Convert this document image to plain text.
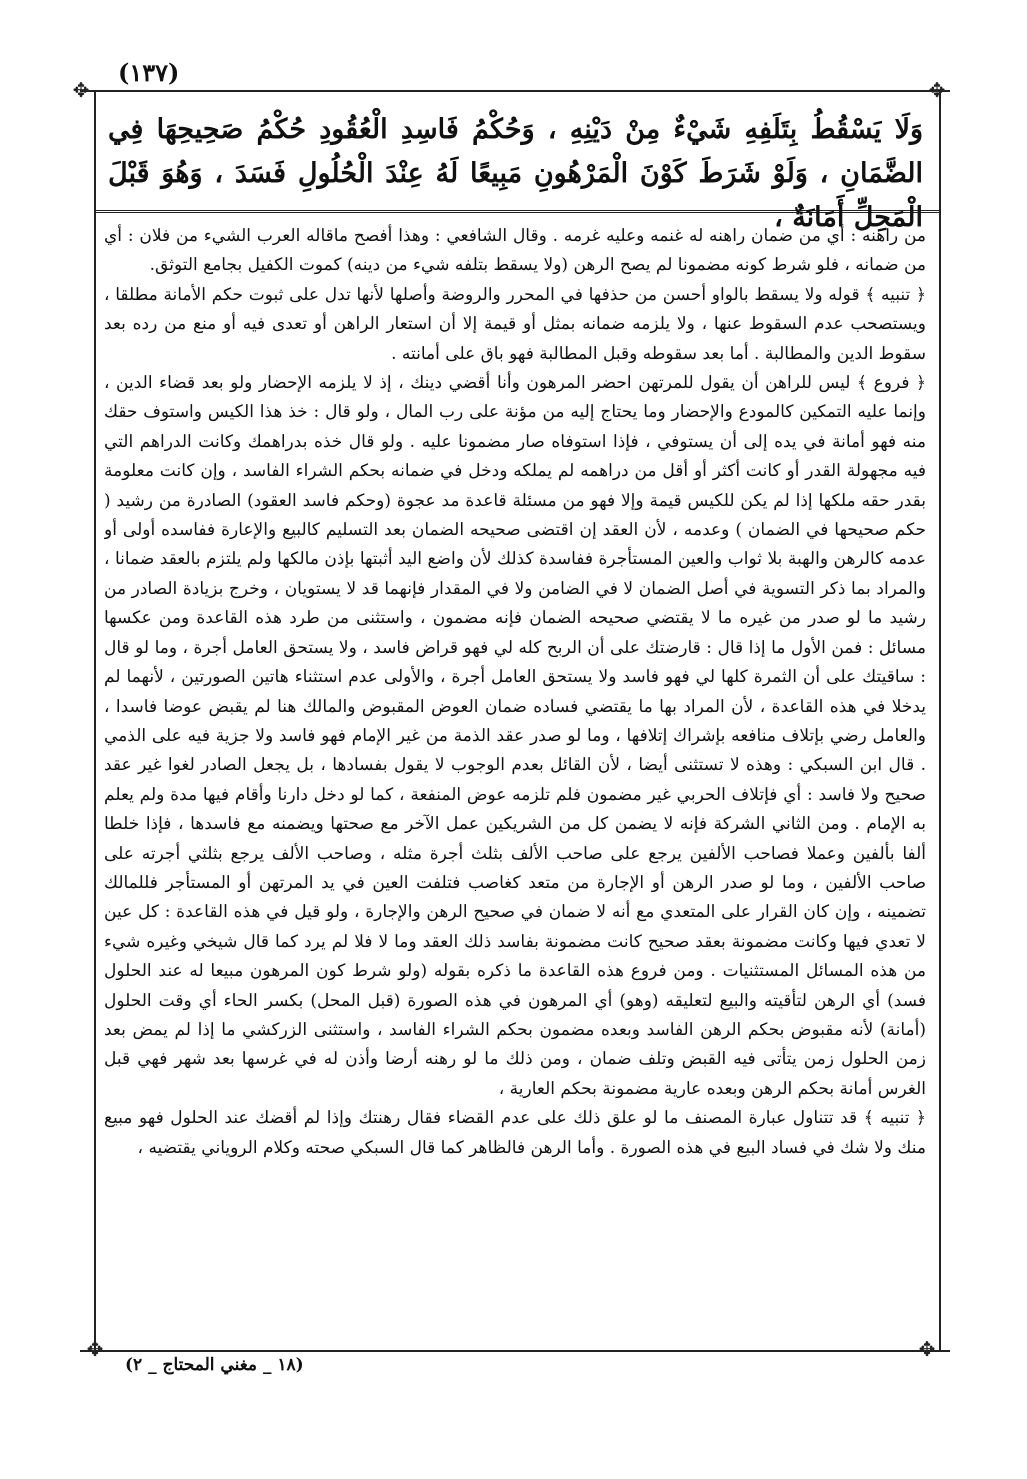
(١٣٧)
✥	✥
✥	✥

وَلَا يَسْقُطُ بِتَلَفِهِ شَيْءٌ مِنْ دَيْنِهِ ، وَحُكْمُ فَاسِدِ الْعُقُودِ حُكْمُ صَحِيحِهَا فِي الضَّمَانِ ، وَلَوْ شَرَطَ كَوْنَ الْمَرْهُونِ مَبِيعًا لَهُ عِنْدَ الْحُلُولِ فَسَدَ ، وَهُوَ قَبْلَ الْمَحِلِّ أَمَانَةٌ ،

من راهنه : أي من ضمان راهنه له غنمه وعليه غرمه . وقال الشافعي : وهذا أفصح ماقاله العرب الشيء من فلان : أي من ضمانه ، فلو شرط كونه مضمونا لم يصح الرهن (ولا يسقط بتلفه شيء من دينه) كموت الكفيل بجامع التوثق.

﴿ تنبيه ﴾ قوله ولا يسقط بالواو أحسن من حذفها في المحرر والروضة وأصلها لأنها تدل على ثبوت حكم الأمانة مطلقا ، ويستصحب عدم السقوط عنها ، ولا يلزمه ضمانه بمثل أو قيمة إلا أن استعار الراهن أو تعدى فيه أو منع من رده بعد سقوط الدين والمطالبة . أما بعد سقوطه وقبل المطالبة فهو باق على أمانته .

﴿ فروع ﴾ ليس للراهن أن يقول للمرتهن احضر المرهون وأنا أقضي دينك ، إذ لا يلزمه الإحضار ولو بعد قضاء الدين ، وإنما عليه التمكين كالمودع والإحضار وما يحتاج إليه من مؤنة على رب المال ، ولو قال : خذ هذا الكيس واستوف حقك منه فهو أمانة في يده إلى أن يستوفي ، فإذا استوفاه صار مضمونا عليه . ولو قال خذه بدراهمك وكانت الدراهم التي فيه مجهولة القدر أو كانت أكثر أو أقل من دراهمه لم يملكه ودخل في ضمانه بحكم الشراء الفاسد ، وإن كانت معلومة بقدر حقه ملكها إذا لم يكن للكيس قيمة وإلا فهو من مسئلة قاعدة مد عجوة (وحكم فاسد العقود) الصادرة من رشيد ( حكم صحيحها في الضمان ) وعدمه ، لأن العقد إن اقتضى صحيحه الضمان بعد التسليم كالبيع والإعارة ففاسده أولى أو عدمه كالرهن والهبة بلا ثواب والعين المستأجرة ففاسدة كذلك لأن واضع اليد أثبتها بإذن مالكها ولم يلتزم بالعقد ضمانا ، والمراد بما ذكر التسوية في أصل الضمان لا في الضامن ولا في المقدار فإنهما قد لا يستويان ، وخرج بزيادة الصادر من رشيد ما لو صدر من غيره ما لا يقتضي صحيحه الضمان فإنه مضمون ، واستثنى من طرد هذه القاعدة ومن عكسها مسائل : فمن الأول ما إذا قال : قارضتك على أن الربح كله لي فهو قراض فاسد ، ولا يستحق العامل أجرة ، وما لو قال : ساقيتك على أن الثمرة كلها لي فهو فاسد ولا يستحق العامل أجرة ، والأولى عدم استثناء هاتين الصورتين ، لأنهما لم يدخلا في هذه القاعدة ، لأن المراد بها ما يقتضي فساده ضمان العوض المقبوض والمالك هنا لم يقبض عوضا فاسدا ، والعامل رضي بإتلاف منافعه بإشراك إتلافها ، وما لو صدر عقد الذمة من غير الإمام فهو فاسد ولا جزية فيه على الذمي . قال ابن السبكي : وهذه لا تستثنى أيضا ، لأن القائل بعدم الوجوب لا يقول بفسادها ، بل يجعل الصادر لغوا غير عقد صحيح ولا فاسد : أي فإتلاف الحربي غير مضمون فلم تلزمه عوض المنفعة ، كما لو دخل دارنا وأقام فيها مدة ولم يعلم به الإمام . ومن الثاني الشركة فإنه لا يضمن كل من الشريكين عمل الآخر مع صحتها ويضمنه مع فاسدها ، فإذا خلطا ألفا بألفين وعملا فصاحب الألفين يرجع على صاحب الألف بثلث أجرة مثله ، وصاحب الألف يرجع بثلثي أجرته على صاحب الألفين ، وما لو صدر الرهن أو الإجارة من متعد كغاصب فتلفت العين في يد المرتهن أو المستأجر فللمالك تضمينه ، وإن كان القرار على المتعدي مع أنه لا ضمان في صحيح الرهن والإجارة ، ولو قيل في هذه القاعدة : كل عين لا تعدي فيها وكانت مضمونة بعقد صحيح كانت مضمونة بفاسد ذلك العقد وما لا فلا لم يرد كما قال شيخي وغيره شيء من هذه المسائل المستثنيات . ومن فروع هذه القاعدة ما ذكره بقوله (ولو شرط كون المرهون مبيعا له عند الحلول فسد) أي الرهن لتأقيته والبيع لتعليقه (وهو) أي المرهون في هذه الصورة (قبل المحل) بكسر الحاء أي وقت الحلول (أمانة) لأنه مقبوض بحكم الرهن الفاسد وبعده مضمون بحكم الشراء الفاسد ، واستثنى الزركشي ما إذا لم يمض بعد زمن الحلول زمن يتأتى فيه القبض وتلف ضمان ، ومن ذلك ما لو رهنه أرضا وأذن له في غرسها بعد شهر فهي قبل الغرس أمانة بحكم الرهن وبعده عارية مضمونة بحكم العارية ،

﴿ تنبيه ﴾ قد تتناول عبارة المصنف ما لو علق ذلك على عدم القضاء فقال رهنتك وإذا لم أقضك عند الحلول فهو مبيع منك ولا شك في فساد البيع في هذه الصورة . وأما الرهن فالظاهر كما قال السبكي صحته وكلام الروياني يقتضيه ،

(١٨ _ مغني المحتاج _ ٢)
